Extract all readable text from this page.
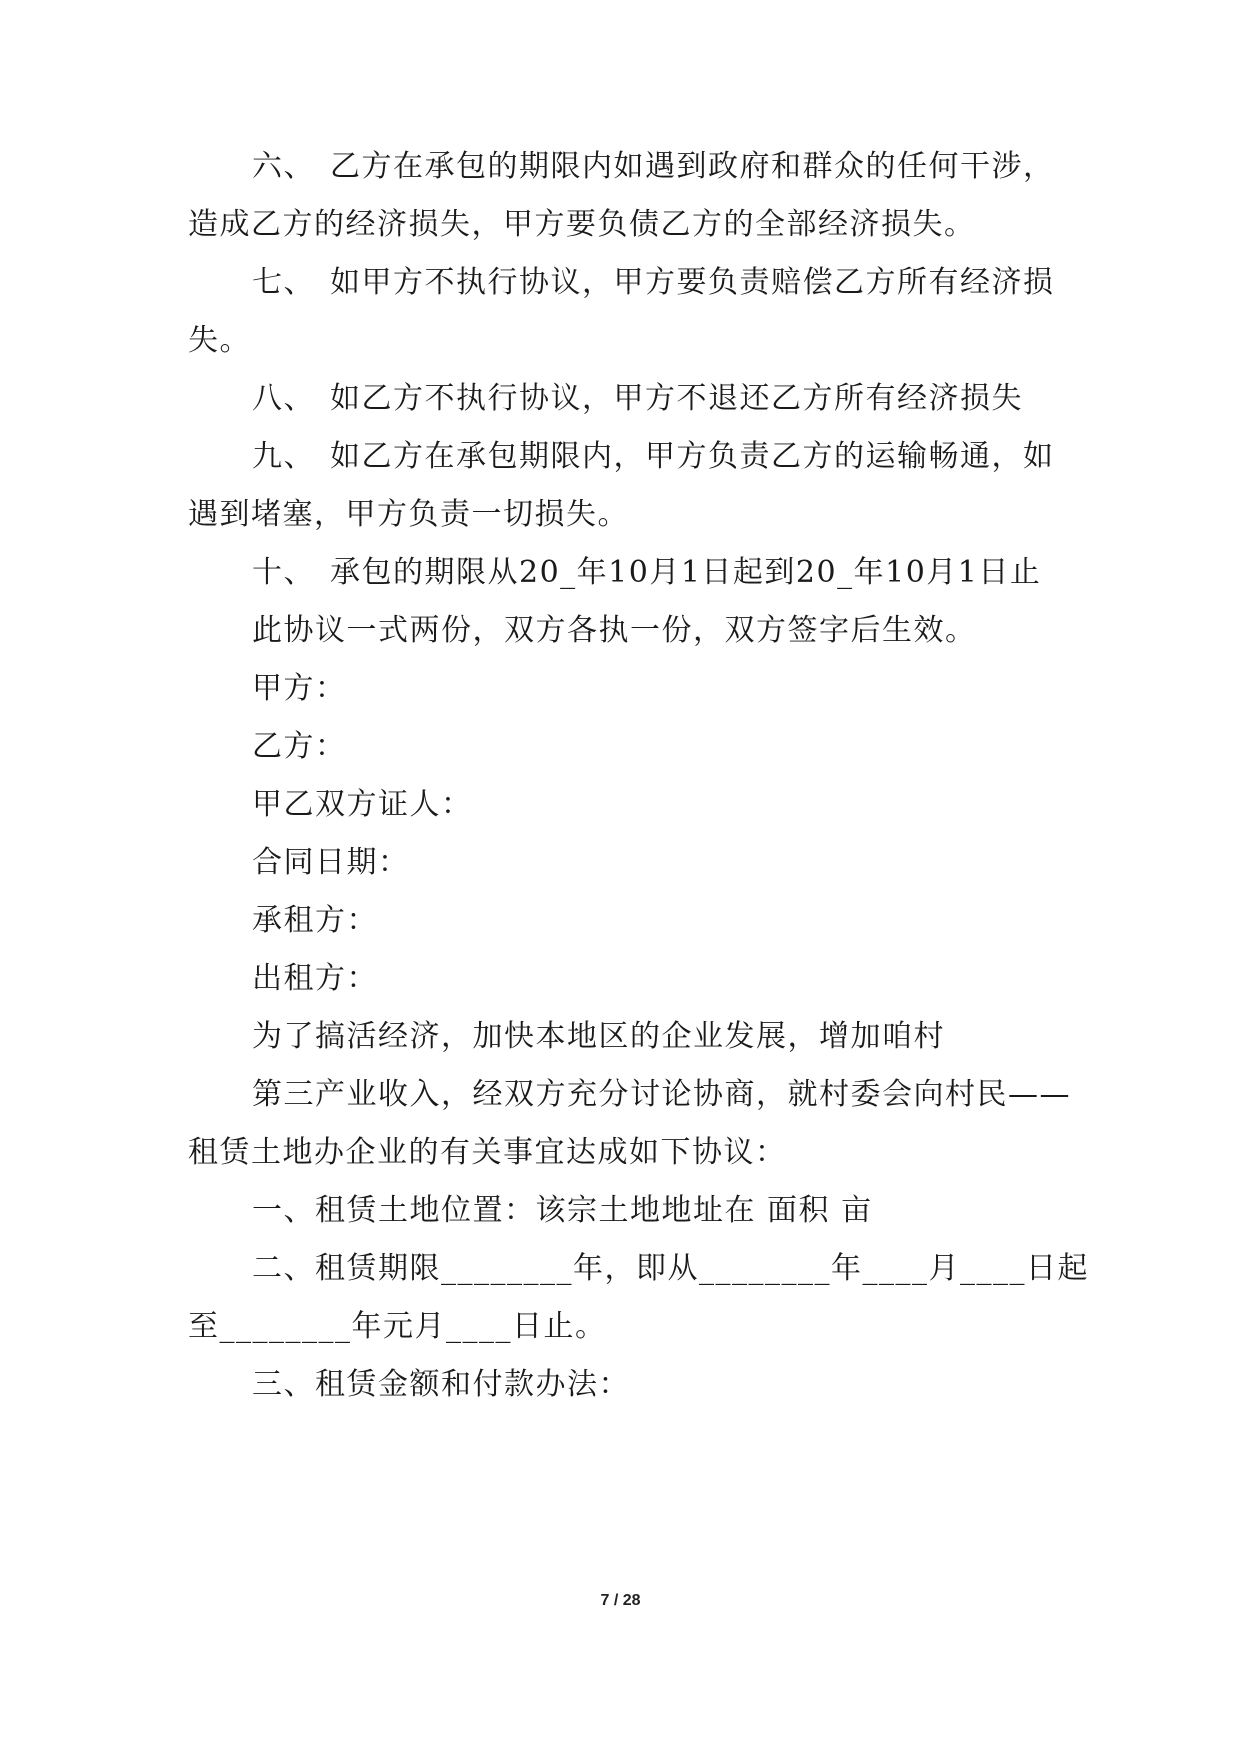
六、 乙方在承包的期限内如遇到政府和群众的任何干涉，
造成乙方的经济损失，甲方要负债乙方的全部经济损失。
七、 如甲方不执行协议，甲方要负责赔偿乙方所有经济损
失。
八、 如乙方不执行协议，甲方不退还乙方所有经济损失
九、 如乙方在承包期限内，甲方负责乙方的运输畅通，如
遇到堵塞，甲方负责一切损失。
十、 承包的期限从20_年10月1日起到20_年10月1日止
此协议一式两份，双方各执一份，双方签字后生效。
甲方：
乙方：
甲乙双方证人：
合同日期：
承租方：
出租方：
为了搞活经济，加快本地区的企业发展，增加咱村
第三产业收入，经双方充分讨论协商，就村委会向村民——
租赁土地办企业的有关事宜达成如下协议：
一、租赁土地位置：该宗土地地址在 面积 亩
二、租赁期限________年，即从________年____月____日起
至________年元月____日止。
三、租赁金额和付款办法：
7 / 28
